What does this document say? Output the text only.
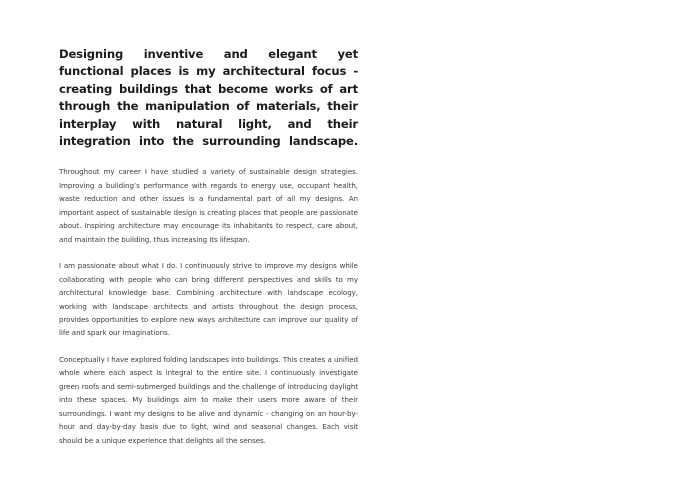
Designing inventive and elegant yet functional places is my architectural focus - creating buildings that become works of art through the manipulation of materials, their interplay with natural light, and their integration into the surrounding landscape.

Throughout my career I have studied a variety of sustainable design strategies. Improving a building’s performance with regards to energy use, occupant health, waste reduction and other issues is a fundamental part of all my designs. An important aspect of sustainable design is creating places that people are passionate about. Inspiring architecture may encourage its inhabitants to respect, care about, and maintain the building, thus increasing its lifespan.

I am passionate about what I do. I continuously strive to improve my designs while collaborating with people who can bring different perspectives and skills to my architectural knowledge base. Combining architecture with landscape ecology, working with landscape architects and artists throughout the design process, provides opportunities to explore new ways architecture can improve our quality of life and spark our imaginations.

Conceptually I have explored folding landscapes into buildings. This creates a unified whole where each aspect is integral to the entire site. I continuously investigate green roofs and semi-submerged buildings and the challenge of introducing daylight into these spaces. My buildings aim to make their users more aware of their surroundings. I want my designs to be alive and dynamic - changing on an hour-by-hour and day-by-day basis due to light, wind and seasonal changes. Each visit should be a unique experience that delights all the senses.
